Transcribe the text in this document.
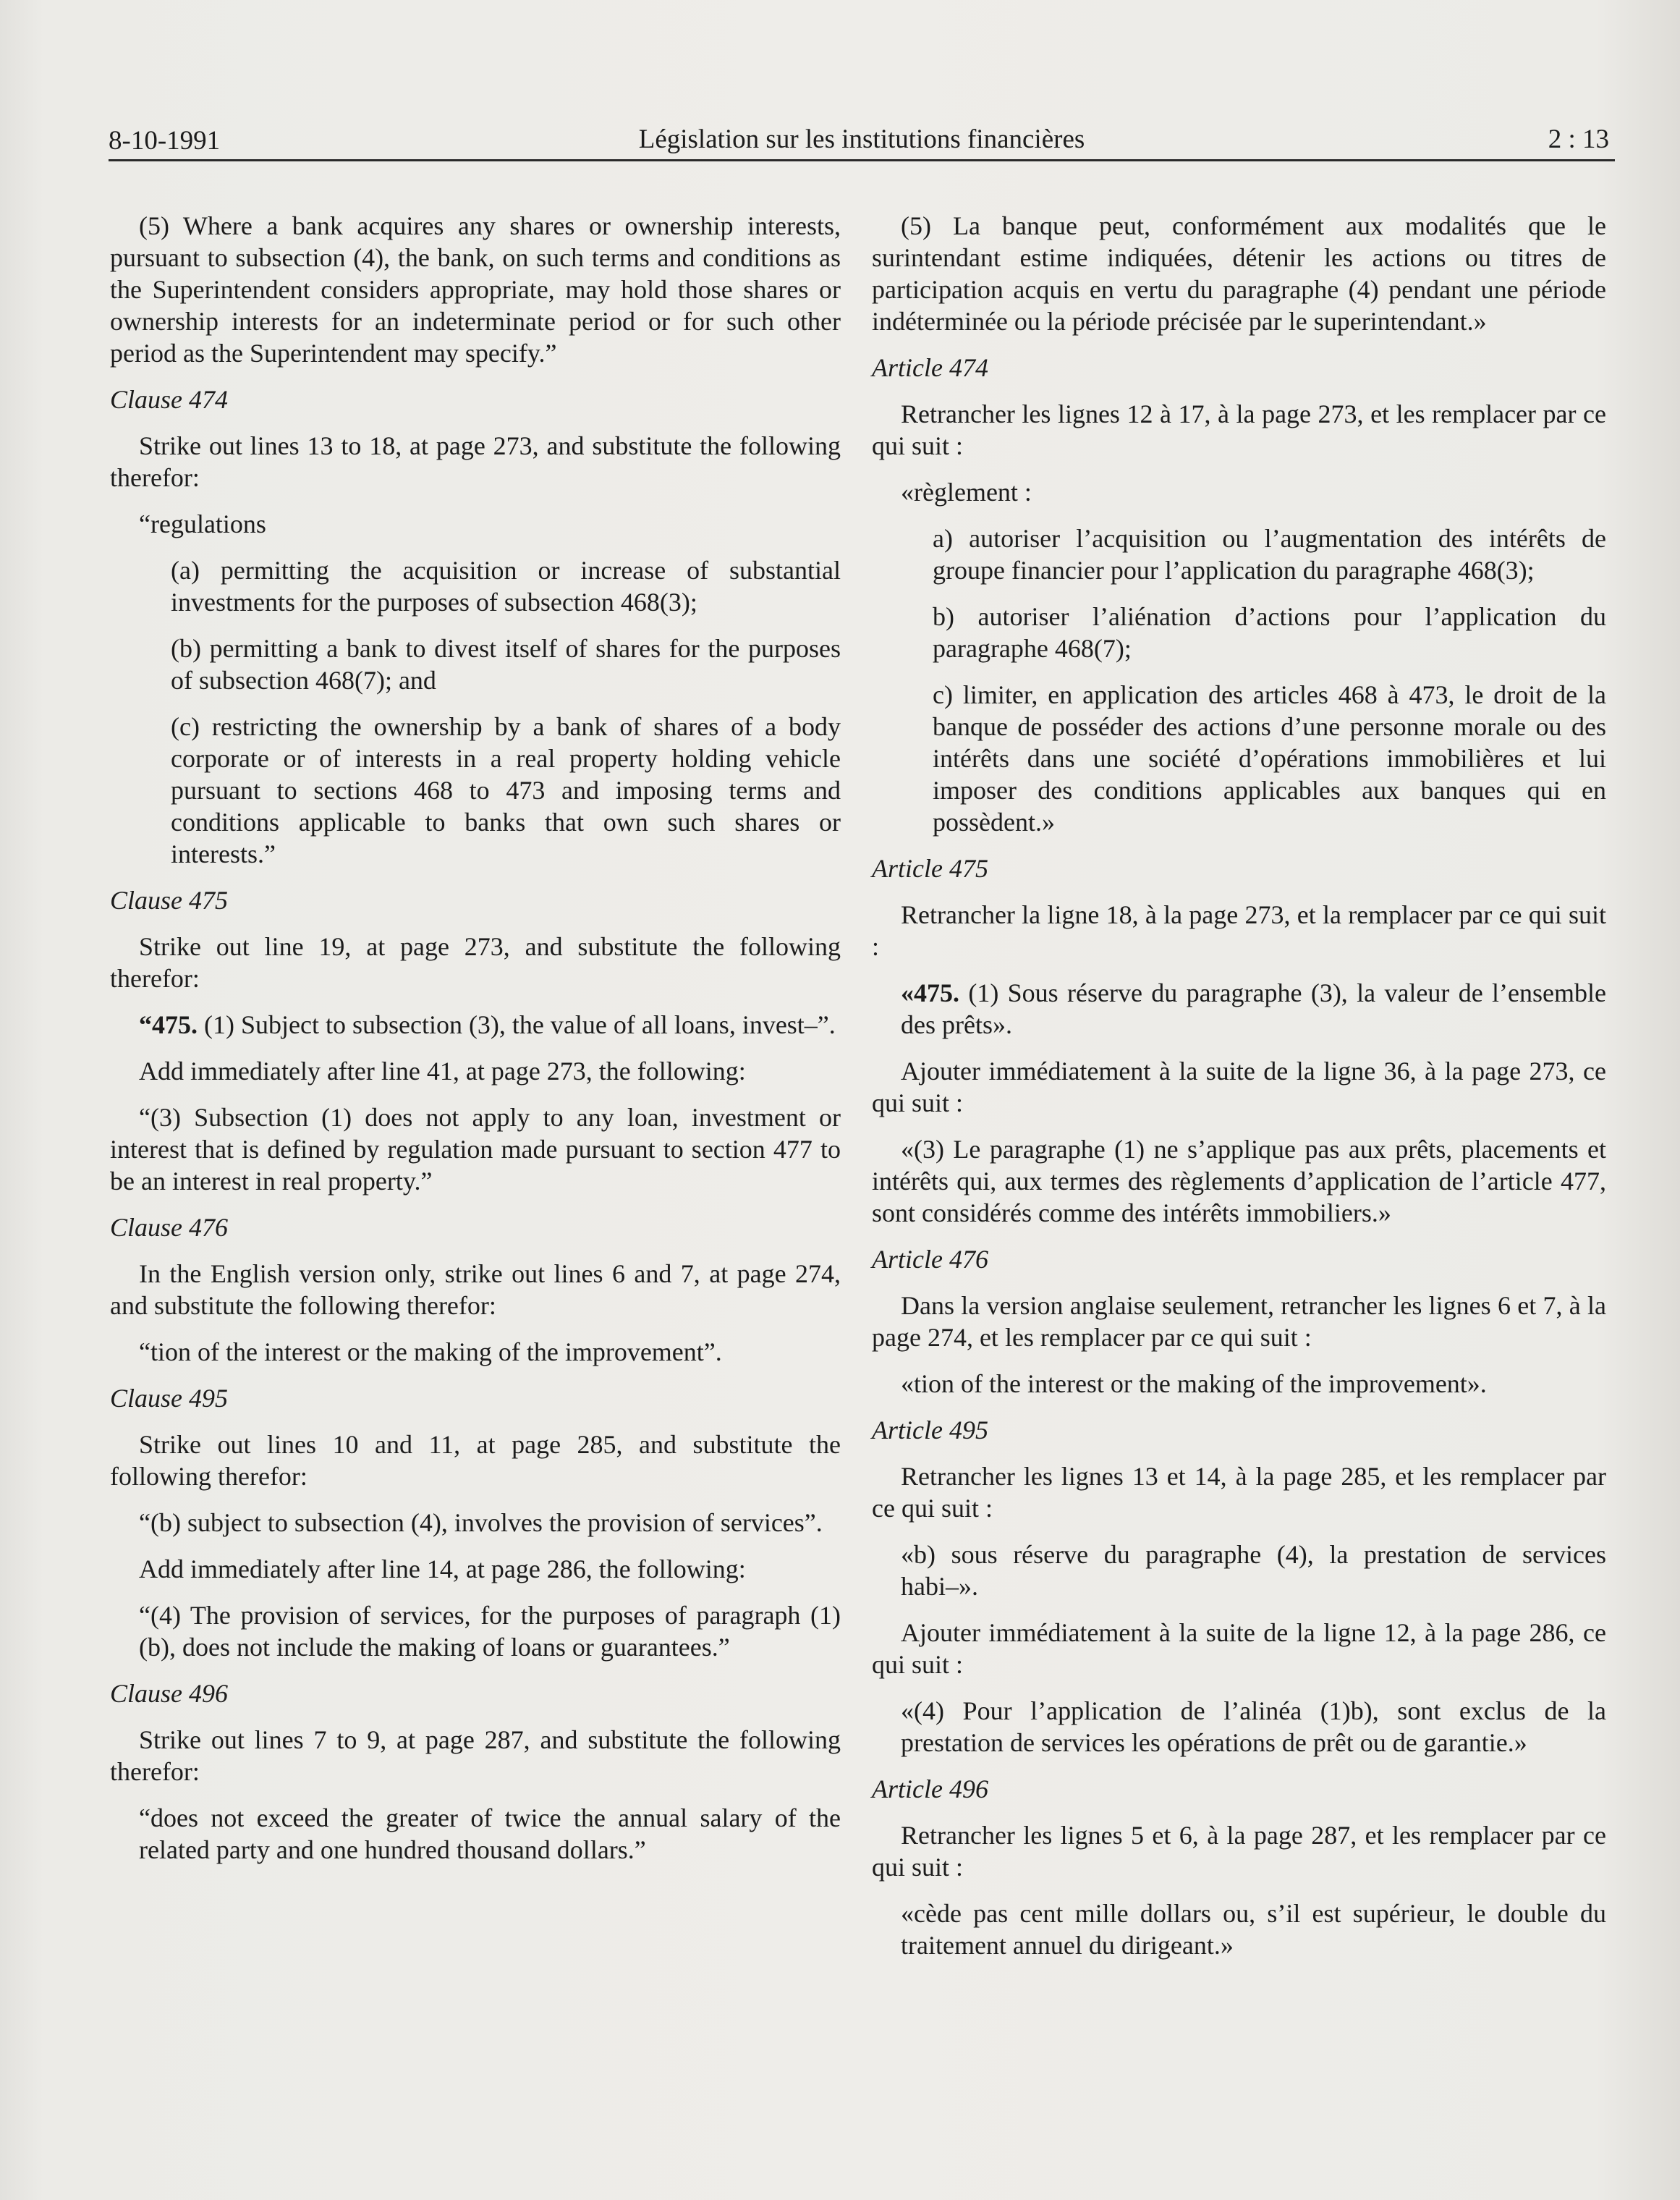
8-10-1991	Législation sur les institutions financières	2 : 13

(5) Where a bank acquires any shares or ownership interests, pursuant to subsection (4), the bank, on such terms and conditions as the Superintendent considers appropriate, may hold those shares or ownership interests for an indeterminate period or for such other period as the Superintendent may specify.”

Clause 474

Strike out lines 13 to 18, at page 273, and substitute the following therefor:

“regulations

(a) permitting the acquisition or increase of substantial investments for the purposes of subsection 468(3);

(b) permitting a bank to divest itself of shares for the purposes of subsection 468(7); and

(c) restricting the ownership by a bank of shares of a body corporate or of interests in a real property holding vehicle pursuant to sections 468 to 473 and imposing terms and conditions applicable to banks that own such shares or interests.”

Clause 475

Strike out line 19, at page 273, and substitute the following therefor:

“475. (1) Subject to subsection (3), the value of all loans, invest–”.

Add immediately after line 41, at page 273, the following:

“(3) Subsection (1) does not apply to any loan, investment or interest that is defined by regulation made pursuant to section 477 to be an interest in real property.”

Clause 476

In the English version only, strike out lines 6 and 7, at page 274, and substitute the following therefor:

“tion of the interest or the making of the improvement”.

Clause 495

Strike out lines 10 and 11, at page 285, and substitute the following therefor:

“(b) subject to subsection (4), involves the provision of services”.

Add immediately after line 14, at page 286, the following:

“(4) The provision of services, for the purposes of paragraph (1)(b), does not include the making of loans or guarantees.”

Clause 496

Strike out lines 7 to 9, at page 287, and substitute the following therefor:

“does not exceed the greater of twice the annual salary of the related party and one hundred thousand dollars.”

(5) La banque peut, conformément aux modalités que le surintendant estime indiquées, détenir les actions ou titres de participation acquis en vertu du paragraphe (4) pendant une période indéterminée ou la période précisée par le superintendant.»

Article 474

Retrancher les lignes 12 à 17, à la page 273, et les remplacer par ce qui suit :

«règlement :

a) autoriser l’acquisition ou l’augmentation des intérêts de groupe financier pour l’application du paragraphe 468(3);

b) autoriser l’aliénation d’actions pour l’application du paragraphe 468(7);

c) limiter, en application des articles 468 à 473, le droit de la banque de posséder des actions d’une personne morale ou des intérêts dans une société d’opérations immobilières et lui imposer des conditions applicables aux banques qui en possèdent.»

Article 475

Retrancher la ligne 18, à la page 273, et la remplacer par ce qui suit :

«475. (1) Sous réserve du paragraphe (3), la valeur de l’ensemble des prêts».

Ajouter immédiatement à la suite de la ligne 36, à la page 273, ce qui suit :

«(3) Le paragraphe (1) ne s’applique pas aux prêts, placements et intérêts qui, aux termes des règlements d’application de l’article 477, sont considérés comme des intérêts immobiliers.»

Article 476

Dans la version anglaise seulement, retrancher les lignes 6 et 7, à la page 274, et les remplacer par ce qui suit :

«tion of the interest or the making of the improvement».

Article 495

Retrancher les lignes 13 et 14, à la page 285, et les remplacer par ce qui suit :

«b) sous réserve du paragraphe (4), la prestation de services habi–».

Ajouter immédiatement à la suite de la ligne 12, à la page 286, ce qui suit :

«(4) Pour l’application de l’alinéa (1)b), sont exclus de la prestation de services les opérations de prêt ou de garantie.»

Article 496

Retrancher les lignes 5 et 6, à la page 287, et les remplacer par ce qui suit :

«cède pas cent mille dollars ou, s’il est supérieur, le double du traitement annuel du dirigeant.»
